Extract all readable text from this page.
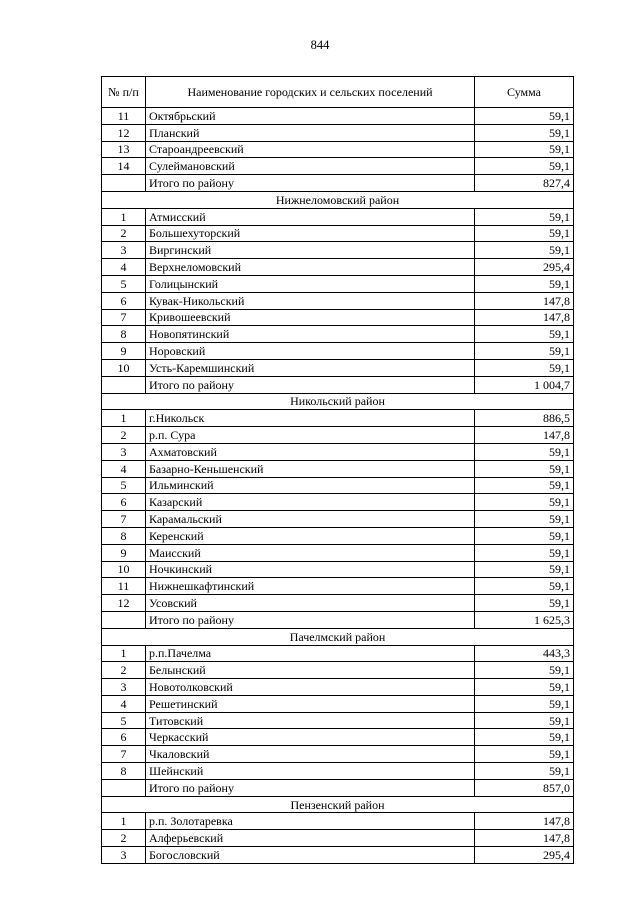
844
№ п/п	Наименование городских и сельских поселений	Сумма
11	Октябрьский	59,1
12	Планский	59,1
13	Староандреевский	59,1
14	Сулеймановский	59,1
	Итого по району	827,4
Нижнеломовский район		
1	Атмисский	59,1
2	Большехуторский	59,1
3	Виргинский	59,1
4	Верхнеломовский	295,4
5	Голицынский	59,1
6	Кувак-Никольский	147,8
7	Кривошеевский	147,8
8	Новопятинский	59,1
9	Норовский	59,1
10	Усть-Каремшинский	59,1
	Итого по району	1 004,7
Никольский район		
1	г.Никольск	886,5
2	р.п. Сура	147,8
3	Ахматовский	59,1
4	Базарно-Кеньшенский	59,1
5	Ильминский	59,1
6	Казарский	59,1
7	Карамальский	59,1
8	Керенский	59,1
9	Маисский	59,1
10	Ночкинский	59,1
11	Нижнешкафтинский	59,1
12	Усовский	59,1
	Итого по району	1 625,3
Пачелмский район		
1	р.п.Пачелма	443,3
2	Белынский	59,1
3	Новотолковский	59,1
4	Решетинский	59,1
5	Титовский	59,1
6	Черкасский	59,1
7	Чкаловский	59,1
8	Шейнский	59,1
	Итого по району	857,0
Пензенский район		
1	р.п. Золотаревка	147,8
2	Алферьевский	147,8
3	Богословский	295,4
